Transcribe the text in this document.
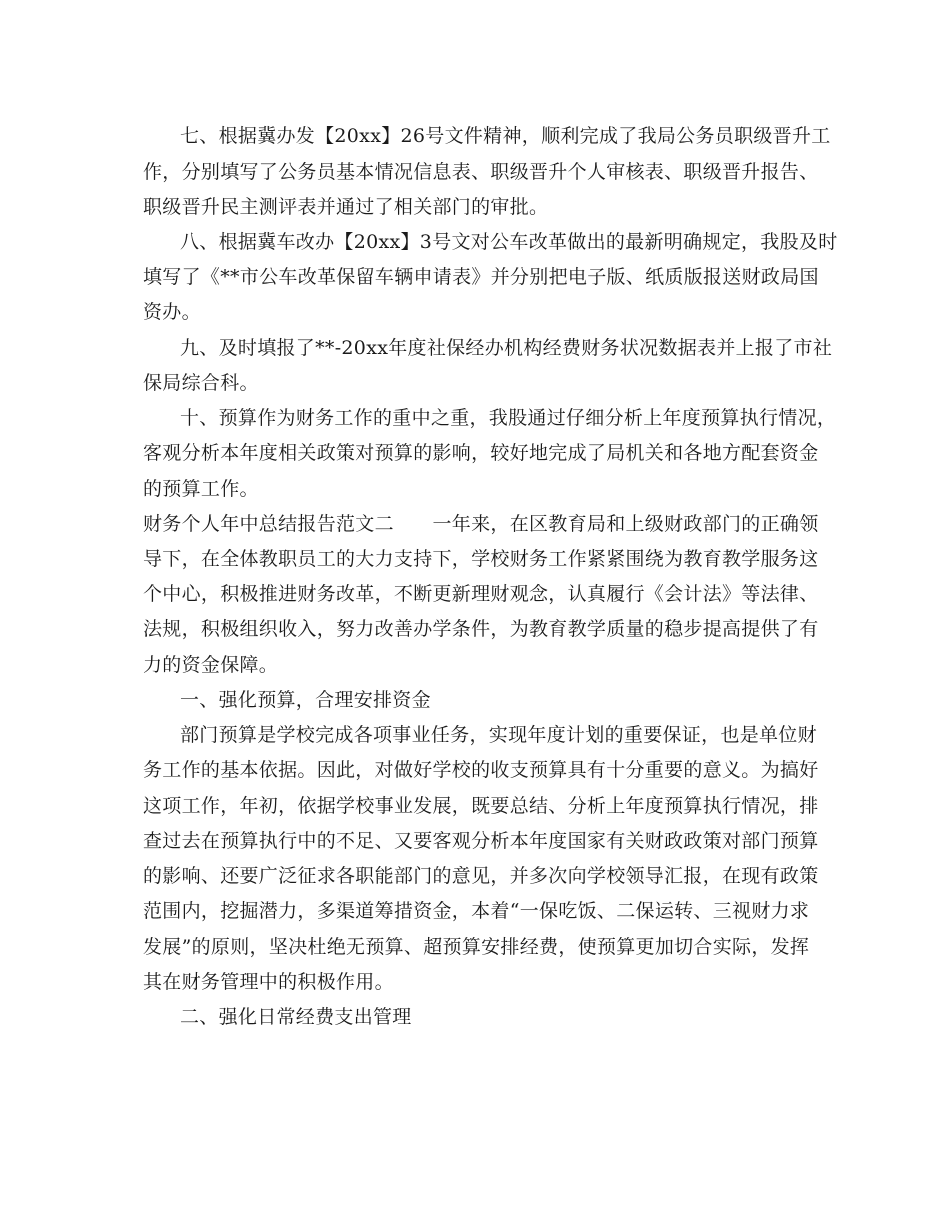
七、根据冀办发【20xx】26号文件精神，顺利完成了我局公务员职级晋升工
作，分别填写了公务员基本情况信息表、职级晋升个人审核表、职级晋升报告、
职级晋升民主测评表并通过了相关部门的审批。
八、根据冀车改办【20xx】3号文对公车改革做出的最新明确规定，我股及时
填写了《**市公车改革保留车辆申请表》并分别把电子版、纸质版报送财政局国
资办。
九、及时填报了**-20xx年度社保经办机构经费财务状况数据表并上报了市社
保局综合科。
十、预算作为财务工作的重中之重，我股通过仔细分析上年度预算执行情况，
客观分析本年度相关政策对预算的影响，较好地完成了局机关和各地方配套资金
的预算工作。
财务个人年中总结报告范文二　　一年来，在区教育局和上级财政部门的正确领
导下，在全体教职员工的大力支持下，学校财务工作紧紧围绕为教育教学服务这
个中心，积极推进财务改革，不断更新理财观念，认真履行《会计法》等法律、
法规，积极组织收入，努力改善办学条件，为教育教学质量的稳步提高提供了有
力的资金保障。
一、强化预算，合理安排资金
部门预算是学校完成各项事业任务，实现年度计划的重要保证，也是单位财
务工作的基本依据。因此，对做好学校的收支预算具有十分重要的意义。为搞好
这项工作，年初，依据学校事业发展，既要总结、分析上年度预算执行情况，排
查过去在预算执行中的不足、又要客观分析本年度国家有关财政政策对部门预算
的影响、还要广泛征求各职能部门的意见，并多次向学校领导汇报，在现有政策
范围内，挖掘潜力，多渠道筹措资金，本着“一保吃饭、二保运转、三视财力求
发展”的原则，坚决杜绝无预算、超预算安排经费，使预算更加切合实际，发挥
其在财务管理中的积极作用。
二、强化日常经费支出管理
